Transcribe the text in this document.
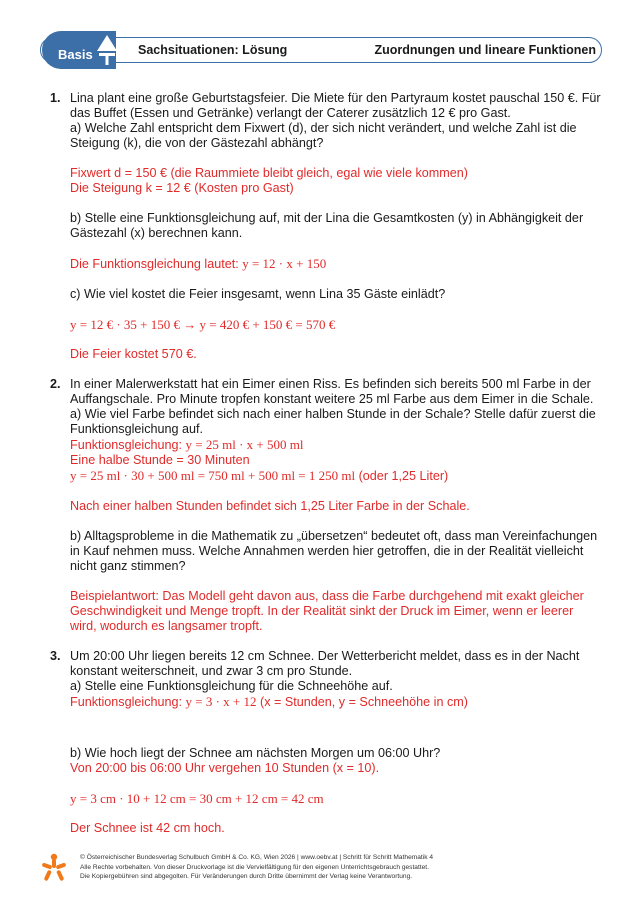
Basis	Sachsituationen: Lösung	Zuordnungen und lineare Funktionen
1. Lina plant eine große Geburtstagsfeier. Die Miete für den Partyraum kostet pauschal 150 €. Für das Buffet (Essen und Getränke) verlangt der Caterer zusätzlich 12 € pro Gast.

a) Welche Zahl entspricht dem Fixwert (d), der sich nicht verändert, und welche Zahl ist die Steigung (k), die von der Gästezahl abhängt?

Fixwert d = 150 € (die Raummiete bleibt gleich, egal wie viele kommen)

Die Steigung k = 12 € (Kosten pro Gast)

b) Stelle eine Funktionsgleichung auf, mit der Lina die Gesamtkosten (y) in Abhängigkeit der Gästezahl (x) berechnen kann.

Die Funktionsgleichung lautet: y = 12 · x + 150

c) Wie viel kostet die Feier insgesamt, wenn Lina 35 Gäste einlädt?

y = 12 € · 35 + 150 € → y = 420 € + 150 € = 570 €

Die Feier kostet 570 €.

2. In einer Malerwerkstatt hat ein Eimer einen Riss. Es befinden sich bereits 500 ml Farbe in der Auffangschale. Pro Minute tropfen konstant weitere 25 ml Farbe aus dem Eimer in die Schale.

a) Wie viel Farbe befindet sich nach einer halben Stunde in der Schale? Stelle dafür zuerst die Funktionsgleichung auf.

Funktionsgleichung: y = 25 ml · x + 500 ml

Eine halbe Stunde = 30 Minuten

y = 25 ml · 30 + 500 ml = 750 ml + 500 ml = 1 250 ml (oder 1,25 Liter)

Nach einer halben Stunden befindet sich 1,25 Liter Farbe in der Schale.

b) Alltagsprobleme in die Mathematik zu „übersetzen“ bedeutet oft, dass man Vereinfachungen in Kauf nehmen muss. Welche Annahmen werden hier getroffen, die in der Realität vielleicht nicht ganz stimmen?

Beispielantwort: Das Modell geht davon aus, dass die Farbe durchgehend mit exakt gleicher Geschwindigkeit und Menge tropft. In der Realität sinkt der Druck im Eimer, wenn er leerer wird, wodurch es langsamer tropft.

3. Um 20:00 Uhr liegen bereits 12 cm Schnee. Der Wetterbericht meldet, dass es in der Nacht konstant weiterschneit, und zwar 3 cm pro Stunde.

a) Stelle eine Funktionsgleichung für die Schneehöhe auf.

Funktionsgleichung: y = 3 · x + 12 (x = Stunden, y = Schneehöhe in cm)

b) Wie hoch liegt der Schnee am nächsten Morgen um 06:00 Uhr?

Von 20:00 bis 06:00 Uhr vergehen 10 Stunden (x = 10).

y = 3 cm · 10 + 12 cm = 30 cm + 12 cm = 42 cm

Der Schnee ist 42 cm hoch.

© Österreichischer Bundesverlag Schulbuch GmbH & Co. KG, Wien 2026 | www.oebv.at | Schritt für Schritt Mathematik 4

Alle Rechte vorbehalten. Von dieser Druckvorlage ist die Vervielfältigung für den eigenen Unterrichtsgebrauch gestattet.

Die Kopiergebühren sind abgegolten. Für Veränderungen durch Dritte übernimmt der Verlag keine Verantwortung.
